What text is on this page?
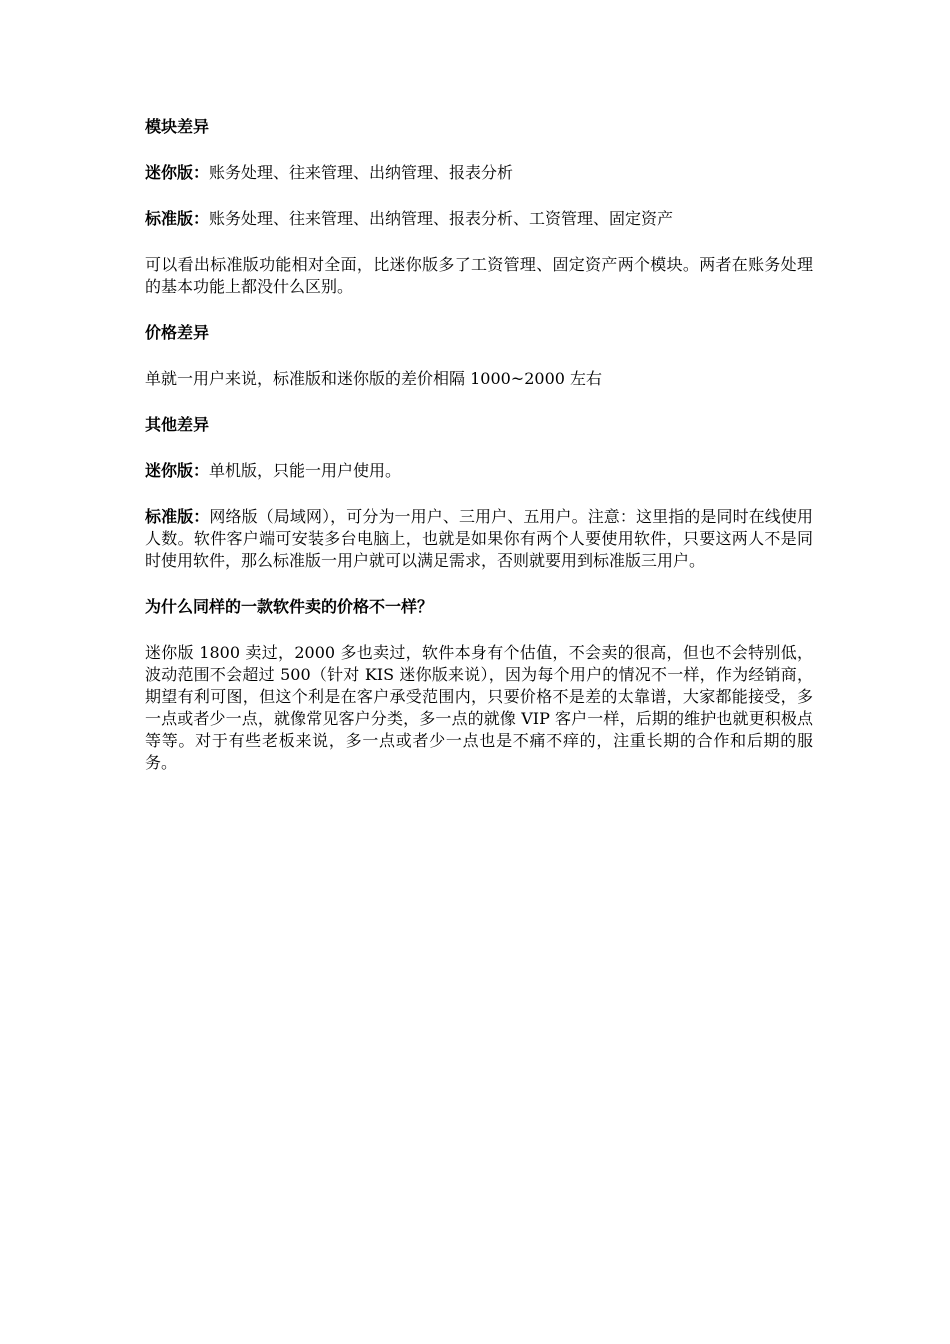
模块差异

迷你版：账务处理、往来管理、出纳管理、报表分析

标准版：账务处理、往来管理、出纳管理、报表分析、工资管理、固定资产

可以看出标准版功能相对全面，比迷你版多了工资管理、固定资产两个模块。两者在账务处理的基本功能上都没什么区别。

价格差异

单就一用户来说，标准版和迷你版的差价相隔 1000~2000 左右

其他差异

迷你版：单机版，只能一用户使用。

标准版：网络版（局域网），可分为一用户、三用户、五用户。注意：这里指的是同时在线使用人数。软件客户端可安装多台电脑上，也就是如果你有两个人要使用软件，只要这两人不是同时使用软件，那么标准版一用户就可以满足需求，否则就要用到标准版三用户。

为什么同样的一款软件卖的价格不一样？

迷你版 1800 卖过，2000 多也卖过，软件本身有个估值，不会卖的很高，但也不会特别低，波动范围不会超过 500（针对 KIS 迷你版来说），因为每个用户的情况不一样，作为经销商，期望有利可图，但这个利是在客户承受范围内，只要价格不是差的太靠谱，大家都能接受，多一点或者少一点，就像常见客户分类，多一点的就像 VIP 客户一样，后期的维护也就更积极点等等。对于有些老板来说，多一点或者少一点也是不痛不痒的，注重长期的合作和后期的服务。
